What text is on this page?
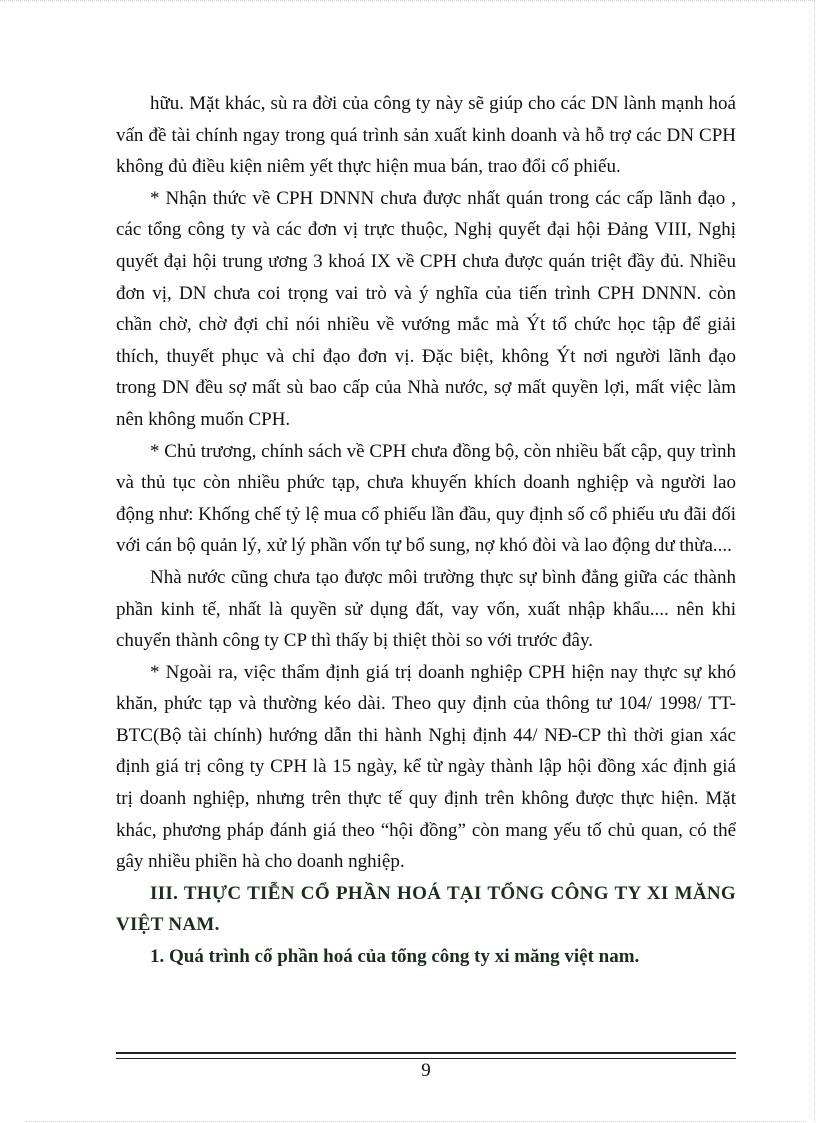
hữu. Mặt khác, sù ra đời của công ty này sẽ giúp cho các DN lành mạnh hoá vấn đề tài chính ngay trong quá trình sản xuất kinh doanh và hỗ trợ các DN CPH không đủ điều kiện niêm yết thực hiện mua bán, trao đổi cổ phiếu.

* Nhận thức về CPH DNNN chưa được nhất quán trong các cấp lãnh đạo , các tổng công ty và các đơn vị trực thuộc, Nghị quyết đại hội Đảng VIII, Nghị quyết đại hội trung ương 3 khoá IX về CPH chưa được quán triệt đầy đủ. Nhiều đơn vị, DN chưa coi trọng vai trò và ý nghĩa của tiến trình CPH DNNN. còn chần chờ, chờ đợi chỉ nói nhiều về vướng mắc mà Ýt tổ chức học tập để giải thích, thuyết phục và chỉ đạo đơn vị. Đặc biệt, không Ýt nơi người lãnh đạo trong DN đều sợ mất sù bao cấp của Nhà nước, sợ mất quyền lợi, mất việc làm nên không muốn CPH.

* Chủ trương, chính sách về CPH chưa đồng bộ, còn nhiều bất cập, quy trình và thủ tục còn nhiều phức tạp, chưa khuyến khích doanh nghiệp và người lao động như: Khống chế tỷ lệ mua cổ phiếu lần đầu, quy định số cổ phiếu ưu đãi đối với cán bộ quản lý, xử lý phần vốn tự bổ sung, nợ khó đòi và lao động dư thừa....

Nhà nước cũng chưa tạo được môi trường thực sự bình đẳng giữa các thành phần kinh tế, nhất là quyền sử dụng đất, vay vốn, xuất nhập khẩu.... nên khi chuyển thành công ty CP thì thấy bị thiệt thòi so với trước đây.

* Ngoài ra, việc thẩm định giá trị doanh nghiệp CPH hiện nay thực sự khó khăn, phức tạp và thường kéo dài. Theo quy định của thông tư 104/ 1998/ TT-BTC(Bộ tài chính) hướng dẫn thi hành Nghị định 44/ NĐ-CP thì thời gian xác định giá trị công ty CPH là 15 ngày, kể từ ngày thành lập hội đồng xác định giá trị doanh nghiệp, nhưng trên thực tế quy định trên không được thực hiện. Mặt khác, phương pháp đánh giá theo “hội đồng” còn mang yếu tố chủ quan, có thể gây nhiều phiền hà cho doanh nghiệp.

III. THỰC TIỄN CỔ PHẦN HOÁ TẠI TỔNG CÔNG TY XI MĂNG VIỆT NAM.

1. Quá trình cổ phần hoá của tổng công ty xi măng việt nam.

9
